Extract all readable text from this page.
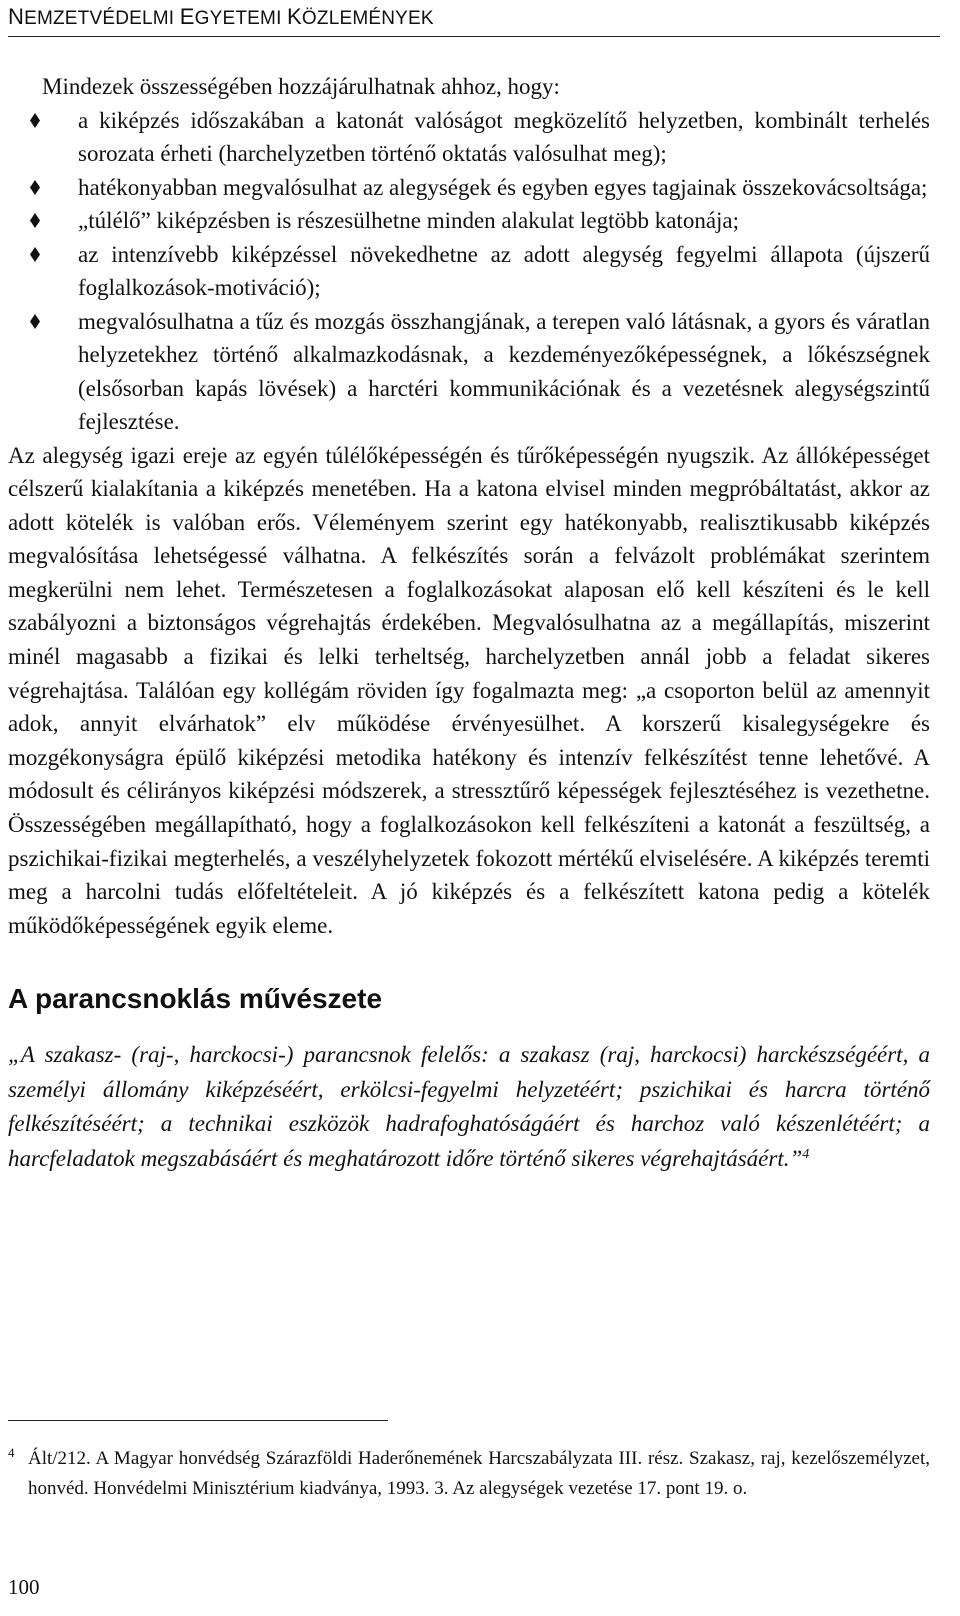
NEMZETVÉDELMI EGYETEMI KÖZLEMÉNYEK

Mindezek összességében hozzájárulhatnak ahhoz, hogy:

a kiképzés időszakában a katonát valóságot megközelítő helyzetben, kombinált terhelés sorozata érheti (harchelyzetben történő oktatás valósulhat meg);
hatékonyabban megvalósulhat az alegységek és egyben egyes tagjainak összekovácsoltsága;
„túlélő” kiképzésben is részesülhetne minden alakulat legtöbb katonája;
az intenzívebb kiképzéssel növekedhetne az adott alegység fegyelmi állapota (újszerű foglalkozások-motiváció);
megvalósulhatna a tűz és mozgás összhangjának, a terepen való látásnak, a gyors és váratlan helyzetekhez történő alkalmazkodásnak, a kezdeményezőképességnek, a lőkészségnek (elsősorban kapás lövések) a harctéri kommunikációnak és a vezetésnek alegységszintű fejlesztése.

Az alegység igazi ereje az egyén túlélőképességén és tűrőképességén nyugszik. Az állóképességet célszerű kialakítania a kiképzés menetében. Ha a katona elvisel minden megpróbáltatást, akkor az adott kötelék is valóban erős. Véleményem szerint egy hatékonyabb, realisztikusabb kiképzés megvalósítása lehetségessé válhatna. A felkészítés során a felvázolt problémákat szerintem megkerülni nem lehet. Természetesen a foglalkozásokat alaposan elő kell készíteni és le kell szabályozni a biztonságos végrehajtás érdekében. Megvalósulhatna az a megállapítás, miszerint minél magasabb a fizikai és lelki terheltség, harchelyzetben annál jobb a feladat sikeres végrehajtása. Találóan egy kollégám röviden így fogalmazta meg: „a csoporton belül az amennyit adok, annyit elvárhatok” elv működése érvényesülhet. A korszerű kisalegységekre és mozgékonyságra épülő kiképzési metodika hatékony és intenzív felkészítést tenne lehetővé. A módosult és célirányos kiképzési módszerek, a stressztűrő képességek fejlesztéséhez is vezethetne. Összességében megállapítható, hogy a foglalkozásokon kell felkészíteni a katonát a feszültség, a pszichikai-fizikai megterhelés, a veszélyhelyzetek fokozott mértékű elviselésére. A kiképzés teremti meg a harcolni tudás előfeltételeit. A jó kiképzés és a felkészített katona pedig a kötelék működőképességének egyik eleme.

A parancsnoklás művészete

„A szakasz- (raj-, harckocsi-) parancsnok felelős: a szakasz (raj, harckocsi) harckészségéért, a személyi állomány kiképzéséért, erkölcsi-fegyelmi helyzetéért; pszichikai és harcra történő felkészítéséért; a technikai eszközök hadrafoghatóságáért és harchoz való készenlétéért; a harcfeladatok megszabásáért és meghatározott időre történő sikeres végrehajtásáért.”$^4$

4 Ált/212. A Magyar honvédség Szárazföldi Haderőnemének Harcszabályzata III. rész. Szakasz, raj, kezelőszemélyzet, honvéd. Honvédelmi Minisztérium kiadványa, 1993. 3. Az alegységek vezetése 17. pont 19. o.

100
